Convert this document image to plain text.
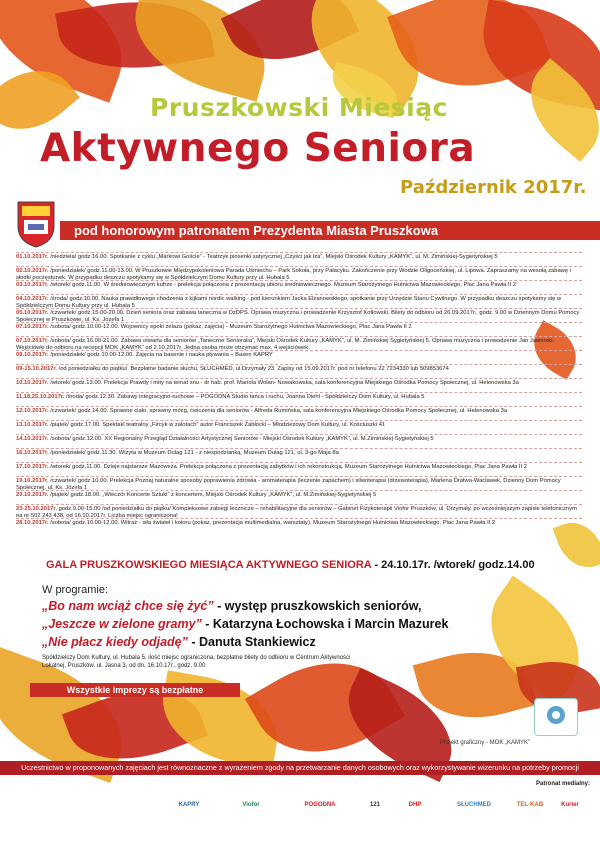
Pruszkowski Miesiąc
Aktywnego Seniora
Październik 2017r.
pod honorowym patronatem Prezydenta Miasta Pruszkowa
01.10.2017r. /niedziela/ godz.16.00. Spotkanie z cyklu „Markowi Goście” - Teatrzyk piosenki satyrycznej „Czyści jak łza”, Miejski Ośrodek Kultury „KAMYK”, ul. M. Zimińskiej-Sygietyńskiej 5
02.10.2017r. /poniedziałek/ godz.11.00-13.00. W Pruszkowie Międzypokoleniowa Parada Uśmiechu – Park Sokoła, przy Pałacyku. Zakończenie przy Wodzie Oligoceńskiej, ul. Lipowa. Zapraszamy na wesołą zabawę i słodki poczęstunek. W przypadku deszczu spotykamy się w Spółdzielczym Domu Kultury przy ul. Hubala 5
03.10.2017r. /wtorek/ godz.11.00. W średniowiecznym kufrze - prelekcja połączona z prezentacją ubioru średniowiecznego. Muzeum Starożytnego Hutnictwa Mazowieckiego, Plac Jana Pawła II 2
04.10.2017r. /środa/ godz.10.00. Nauka prawidłowego chodzenia z kijkami nordic walking - pod kierunkiem Jacka Elżanowskiego, spotkanie przy Urzędzie Stanu Cywilnego. W przypadku deszczu spotykamy się w Spółdzielczym Domu Kultury przy ul. Hubala 5
05.10.2017r. /czwartek/ godz.15.00-20.00. Dzień seniora oraz zabawa taneczna w DzDPS. Oprawa muzyczna i prowadzenie Krzysztof Kotłowski. Bilety do odbioru od 26.09.2017r., godz. 9.00 w Dziennym Domu Pomocy Społecznej w Pruszkowie, ul. Ks. Józefa 1
07.10.2017r. /sobota/ godz.10.00-12.00. Wojownicy epoki żelaza (pokaz, zajęcia) - Muzeum Starożytnego Hutnictwa Mazowieckiego, Plac Jana Pawła II 2
07.10.2017r. /sobota/ godz.16.00-21.00. Zabawa otwarta dla seniorów „Taneczne Senioralia”, Miejski Ośrodek Kultury „KAMYK”, ul. M. Zimińskiej Sygietyńskiej 5. Oprawa muzyczna i prowadzenie Jan Jaworski. Wejściówki do odbioru na recepcji MOK „KAMYK” od 2.10.2017r. Jedna osoba może otrzymać max. 4 wejściówek.
09.10.2017r. /poniedziałek/ godz.10.00-12.00. Zajęcia na basenie i nauka pływania – Basen KAPRY
09-15.10.2017r. /od poniedziałku do piątku/. Bezpłatne badanie słuchu, SŁUCHMED, ul.Drzymały 23. Zapisy od 15.09.2017r. pod nr telefonu 22 7234330 lub 509853674
10.10.2017r. /wtorek/ godz.13.00. Prelekcja Prawdy i mity na temat snu - dr hab. prof. Mariola Wolan- Nowakowska, sala konferencyjna Miejskiego Ośrodka Pomocy Społecznej, ul. Helenowska 3a
11,18,25.10.2017r. /środa/ godz.12.30. Zabawy integracyjno-ruchowe – POGODNA Studio tańca i ruchu, Joanna Diehl - Spółdzielczy Dom Kultury, ul. Hubala 5
12.10.2017r. /czwartek/ godz.14.00. Sprawne ciało, sprawny mózg, ćwiczenia dla seniorów - Alfreda Rumińska, sala konferencyjna Miejskiego Ośrodka Pomocy Społecznej, ul. Helenowska 3a
13.10.2017r. /piątek/ godz.17.00. Spektakl teatralny „Fircyk w zalotach” autor Franciszek Zabłocki – Młodzieżowy Dom Kultury, ul. Kościuszki 41
14.10.2017r. /sobota/ godz.12.00. XX Regionalny Przegląd Działalności Artystycznej Seniorów - Miejski Ośrodek Kultury „KAMYK”, ul. M.Zimińskiej-Sygietyńskiej 5
16.10.2017r. /poniedziałek/ godz.11.30. Wizyta w Muzeum Dulag 121 - z niespodzianką, Muzeum Dulag 121, ul. 3-go Maja 8a
17.10.2017r. /wtorek/ godz.11.00. Dzieje najstarsze Mazowsza. Prelekcja połączona z prezentacją zabytków i ich rekonstrukcją. Muzeum Starożytnego Hutnictwa Mazowieckiego, Plac Jana Pawła II 2
19.10.2017r. /czwartek/ godz.10.00. Prelekcja Poznaj naturalne sposoby poprawienia zdrowia - aromaterapia (leczenie zapachem) i silwoterapia (drzewoterapia), Marlena Dratwa-Waclawek, Dzienny Dom Pomocy Społecznej, ul. Ks. Józefa 1
20.10.2017r. /piątek/ godz.18.00. „Wieczór Koncerte Sztuki” z koncertem, Miejski Ośrodek Kultury „KAMYK”, ul. M.Zimińskiej-Sygietyńskiej 5
23-25.10.2017r. godz.9.00-15.00 /od poniedziałku do piątku/ Kompleksowe zabiegi lecznicze – rehabilitacyjne dla seniorów – Gabinet Fizykoterapii Viofor Pruszków, ul. Drzymały, po wcześniejszym zapisie telefonicznym na nr 502 243 438, od 16.10.2017r. Liczba miejsc ograniczona!
28.10.2017r. /sobota/ godz.10.00-12.00. Witraż - siła świateł i koloru (pokaz, prezentacja multimedialna, warsztaty), Muzeum Starożytnego Hutnictwa Mazowieckiego, Plac Jana Pawła II 2
GALA PRUSZKOWSKIEGO MIESIĄCA AKTYWNEGO SENIORA - 24.10.17r. /wtorek/ godz.14.00
W programie:
„Bo nam wciąż chce się żyć” - występ pruszkowskich seniorów,
„Jeszcze w zielone gramy” - Katarzyna Łochowska i Marcin Mazurek
„Nie płacz kiedy odjadę” - Danuta Stankiewicz
Spółdzielczy Dom Kultury, ul. Hubala 5, ilość miejsc ograniczona, bezpłatne bilety do odbioru w Centrum Aktywności Lokalnej, Pruszków, ul. Jasna 3, od dn. 16.10.17r., godz. 9.00
Wszystkie imprezy są bezpłatne
Projekt graficzny - MOK „KAMYK”
Uczestnictwo w proponowanych zajęciach jest równoznaczne z wyrażeniem zgody na przetwarzanie danych osobowych oraz wykorzystywanie wizerunku na potrzeby promocji
Patronat medialny:
KAPRY	Viofor	POGODNA	121	DHP	SŁUCHMED	TEL-KAB	Kurier
